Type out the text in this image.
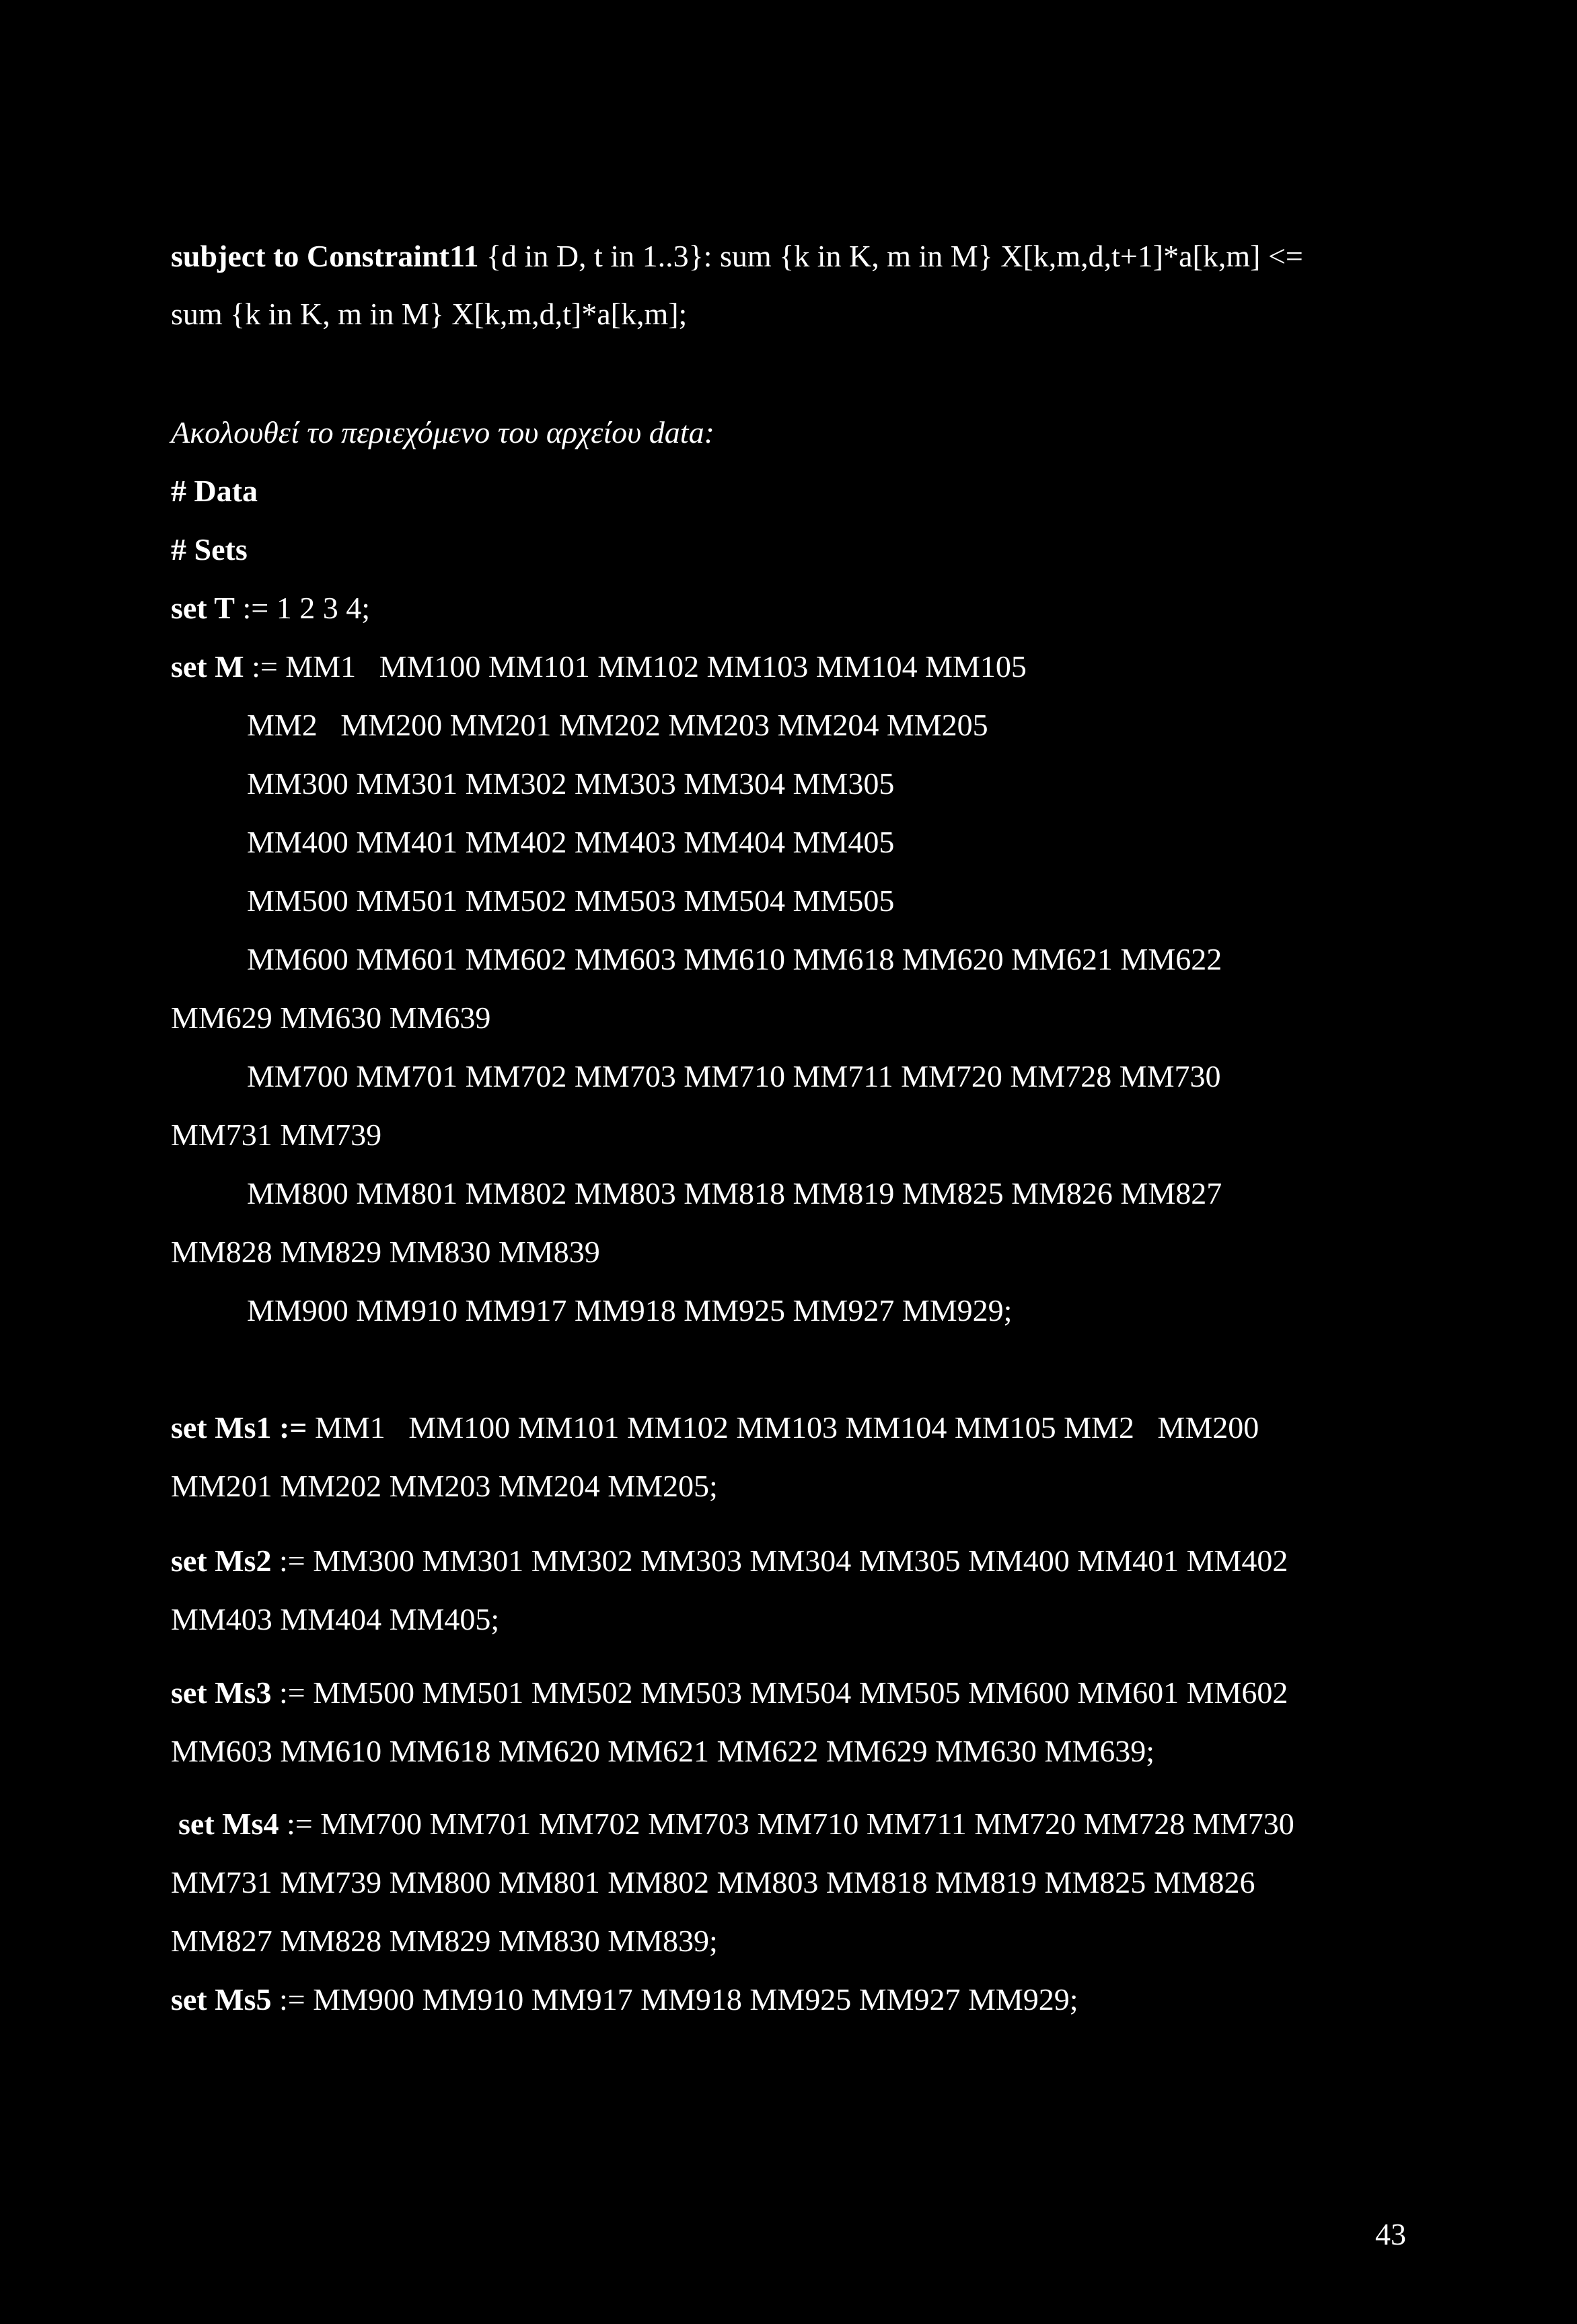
subject to Constraint11 {d in D, t in 1..3}: sum {k in K, m in M} X[k,m,d,t+1]*a[k,m] <=
sum {k in K, m in M} X[k,m,d,t]*a[k,m];
Ακολουθεί το περιεχόμενο του αρχείου data:
# Data
# Sets
set T := 1 2 3 4;
set M := MM1   MM100 MM101 MM102 MM103 MM104 MM105
MM2   MM200 MM201 MM202 MM203 MM204 MM205
MM300 MM301 MM302 MM303 MM304 MM305
MM400 MM401 MM402 MM403 MM404 MM405
MM500 MM501 MM502 MM503 MM504 MM505
MM600 MM601 MM602 MM603 MM610 MM618 MM620 MM621 MM622
MM629 MM630 MM639
MM700 MM701 MM702 MM703 MM710 MM711 MM720 MM728 MM730
MM731 MM739
MM800 MM801 MM802 MM803 MM818 MM819 MM825 MM826 MM827
MM828 MM829 MM830 MM839
MM900 MM910 MM917 MM918 MM925 MM927 MM929;
set Ms1 := MM1   MM100 MM101 MM102 MM103 MM104 MM105 MM2   MM200
MM201 MM202 MM203 MM204 MM205;
set Ms2 := MM300 MM301 MM302 MM303 MM304 MM305 MM400 MM401 MM402
MM403 MM404 MM405;
set Ms3 := MM500 MM501 MM502 MM503 MM504 MM505 MM600 MM601 MM602
MM603 MM610 MM618 MM620 MM621 MM622 MM629 MM630 MM639;
set Ms4 := MM700 MM701 MM702 MM703 MM710 MM711 MM720 MM728 MM730
MM731 MM739 MM800 MM801 MM802 MM803 MM818 MM819 MM825 MM826
MM827 MM828 MM829 MM830 MM839;
set Ms5 := MM900 MM910 MM917 MM918 MM925 MM927 MM929;
43
